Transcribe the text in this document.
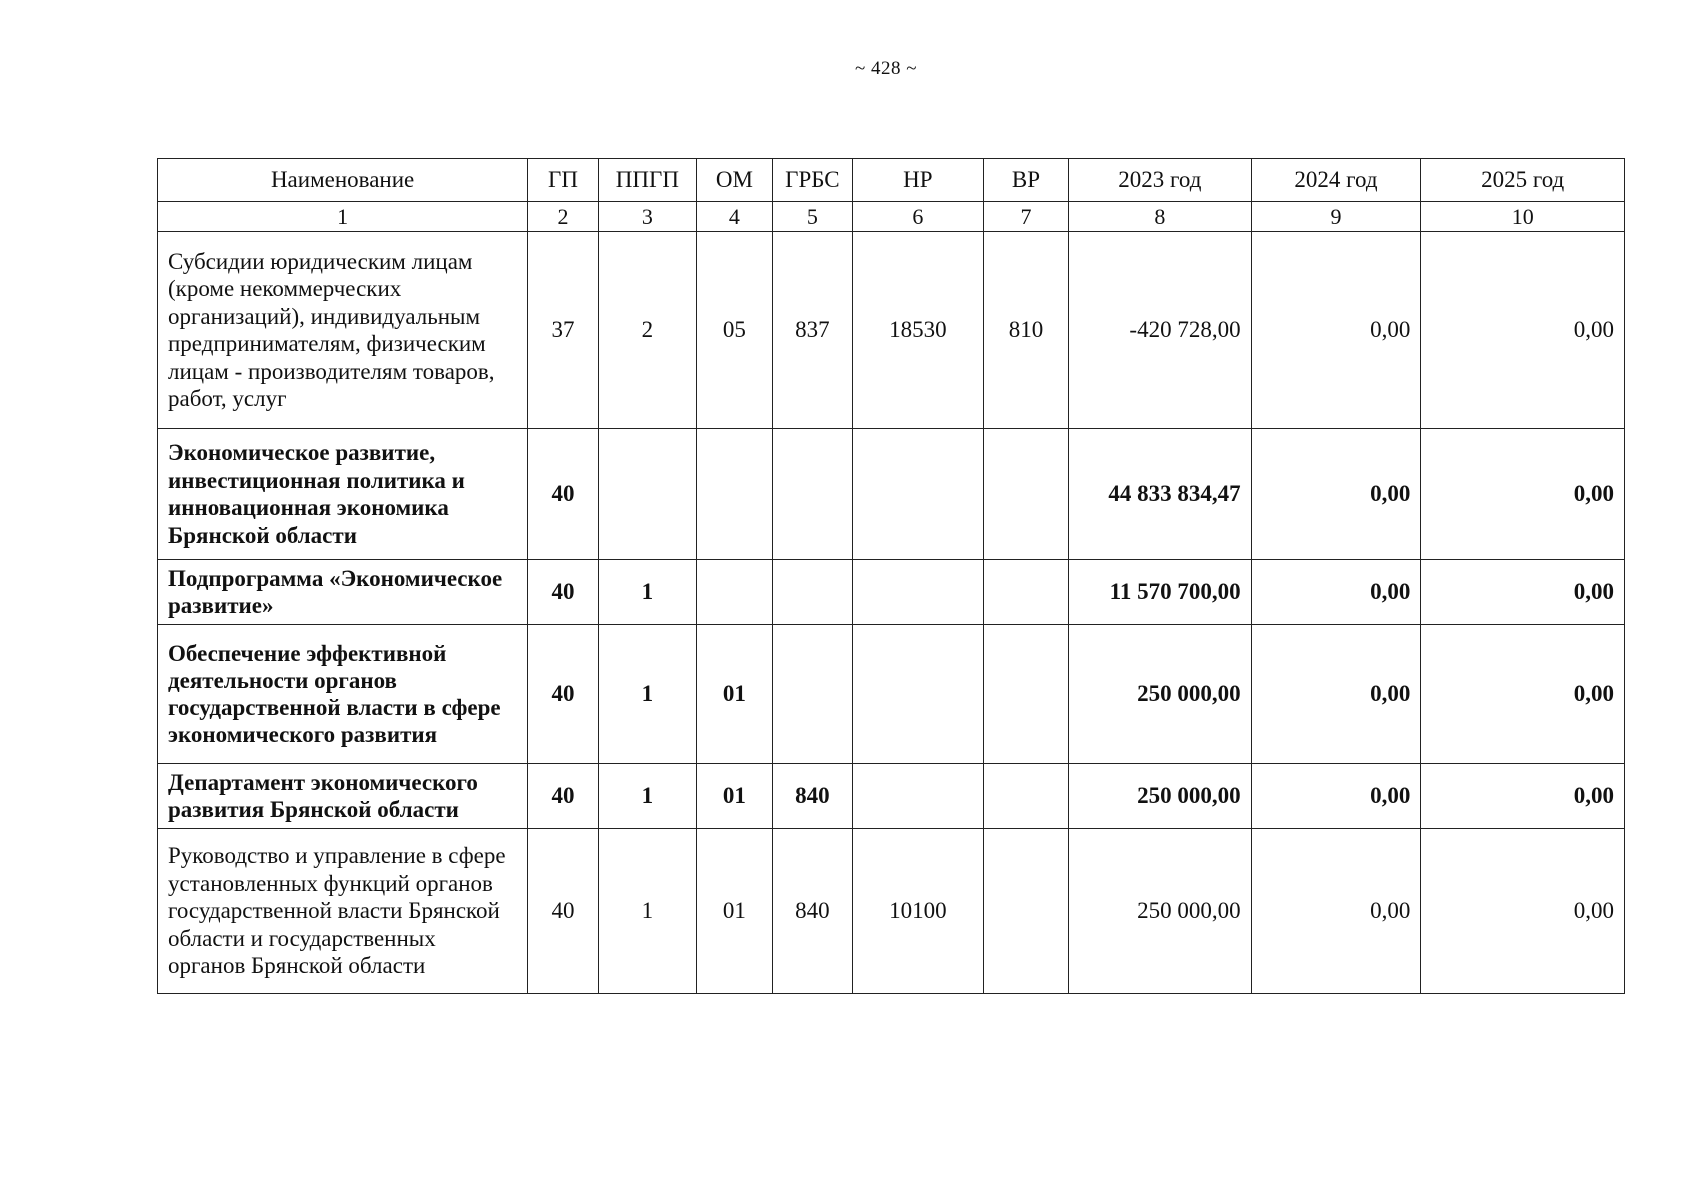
~ 428 ~
Наименование	ГП	ППГП	ОМ	ГРБС	НР	ВР	2023 год	2024 год	2025 год
1	2	3	4	5	6	7	8	9	10
Субсидии юридическим лицам (кроме некоммерческих организаций), индивидуальным предпринимателям, физическим лицам - производителям товаров, работ, услуг	37	2	05	837	18530	810	-420 728,00	0,00	0,00
Экономическое развитие, инвестиционная политика и инновационная экономика Брянской области	40						44 833 834,47	0,00	0,00
Подпрограмма «Экономическое развитие»	40	1					11 570 700,00	0,00	0,00
Обеспечение эффективной деятельности органов государственной власти в сфере экономического развития	40	1	01				250 000,00	0,00	0,00
Департамент экономического развития Брянской области	40	1	01	840			250 000,00	0,00	0,00
Руководство и управление в сфере установленных функций органов государственной власти Брянской области и государственных органов Брянской области	40	1	01	840	10100		250 000,00	0,00	0,00
